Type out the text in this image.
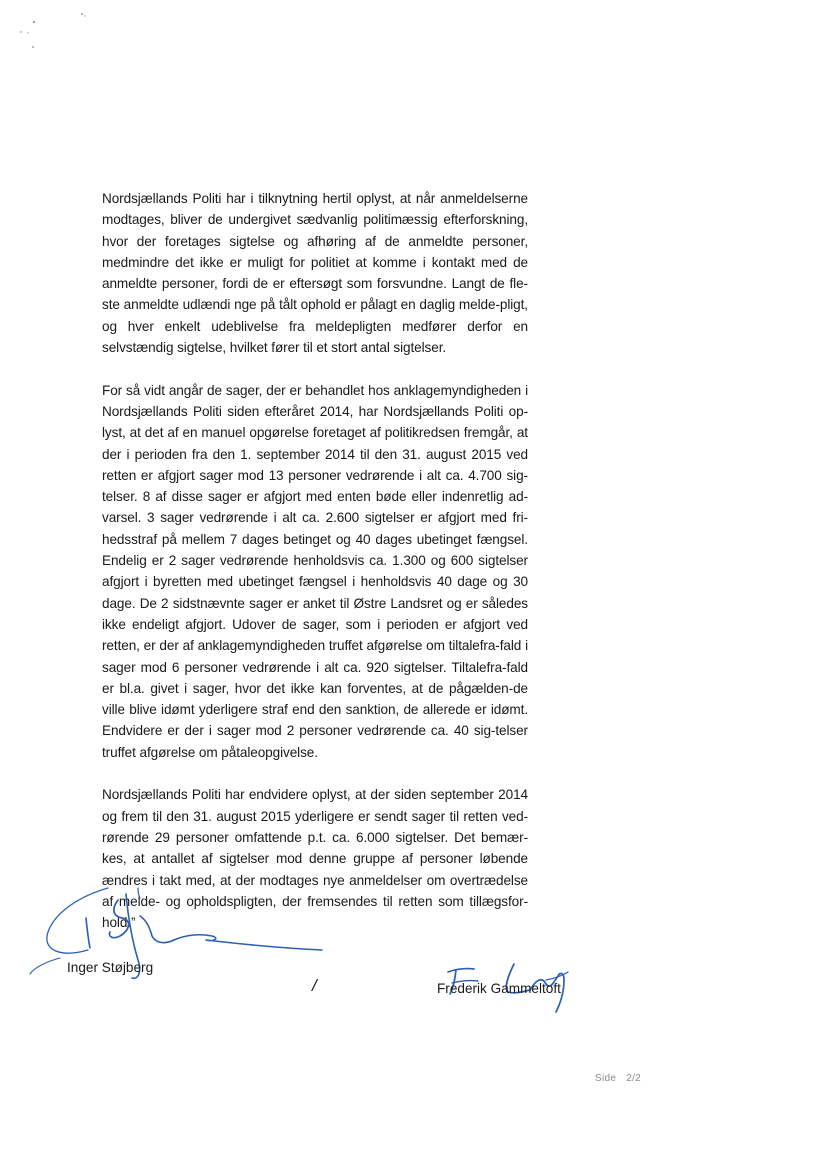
Nordsjællands Politi har i tilknytning hertil oplyst, at når anmeldelserne modtages, bliver de undergivet sædvanlig politimæssig efterforskning, hvor der foretages sigtelse og afhøring af de anmeldte personer, medmindre det ikke er muligt for politiet at komme i kontakt med de anmeldte personer, fordi de er eftersøgt som forsvundne. Langt de fle-ste anmeldte udlændi nge på tålt ophold er pålagt en daglig melde-pligt, og hver enkelt udeblivelse fra meldepligten medfører derfor en selvstændig sigtelse, hvilket fører til et stort antal sigtelser.

For så vidt angår de sager, der er behandlet hos anklagemyndigheden i Nordsjællands Politi siden efteråret 2014, har Nordsjællands Politi op-lyst, at det af en manuel opgørelse foretaget af politikredsen fremgår, at der i perioden fra den 1. september 2014 til den 31. august 2015 ved retten er afgjort sager mod 13 personer vedrørende i alt ca. 4.700 sig-telser. 8 af disse sager er afgjort med enten bøde eller indenretlig ad-varsel. 3 sager vedrørende i alt ca. 2.600 sigtelser er afgjort med fri-hedsstraf på mellem 7 dages betinget og 40 dages ubetinget fængsel. Endelig er 2 sager vedrørende henholdsvis ca. 1.300 og 600 sigtelser afgjort i byretten med ubetinget fængsel i henholdsvis 40 dage og 30 dage. De 2 sidstnævnte sager er anket til Østre Landsret og er således ikke endeligt afgjort. Udover de sager, som i perioden er afgjort ved retten, er der af anklagemyndigheden truffet afgørelse om tiltalefra-fald i sager mod 6 personer vedrørende i alt ca. 920 sigtelser. Tiltalefra-fald er bl.a. givet i sager, hvor det ikke kan forventes, at de pågælden-de ville blive idømt yderligere straf end den sanktion, de allerede er idømt. Endvidere er der i sager mod 2 personer vedrørende ca. 40 sig-telser truffet afgørelse om påtaleopgivelse.

Nordsjællands Politi har endvidere oplyst, at der siden september 2014 og frem til den 31. august 2015 yderligere er sendt sager til retten ved-rørende 29 personer omfattende p.t. ca. 6.000 sigtelser. Det bemær-kes, at antallet af sigtelser mod denne gruppe af personer løbende ændres i takt med, at der modtages nye anmeldelser om overtrædelse af melde- og opholdspligten, der fremsendes til retten som tillægsfor-hold.”

Inger Støjberg
/	Frederik Gammeltoft
Side 2/2
